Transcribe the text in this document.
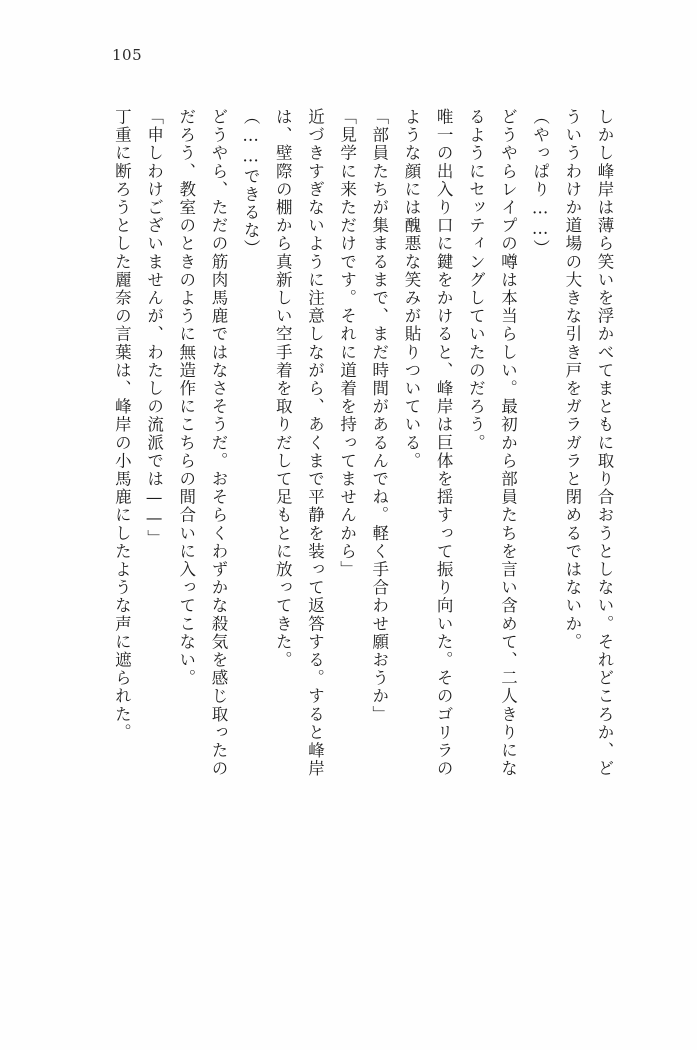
105
しかし峰岸は薄ら笑いを浮かべてまともに取り合おうとしない。それどころか、ど
ういうわけか道場の大きな引き戸をガラガラと閉めるではないか。
（やっぱり……）
どうやらレイプの噂は本当らしい。最初から部員たちを言い含めて、二人きりにな
るようにセッティングしていたのだろう。
唯一の出入り口に鍵をかけると、峰岸は巨体を揺すって振り向いた。そのゴリラの
ような顔には醜悪な笑みが貼りついている。
「部員たちが集まるまで、まだ時間があるんでね。軽く手合わせ願おうか」
「見学に来ただけです。それに道着を持ってませんから」
近づきすぎないように注意しながら、あくまで平静を装って返答する。すると峰岸
は、壁際の棚から真新しい空手着を取りだして足もとに放ってきた。
（……できるな）
どうやら、ただの筋肉馬鹿ではなさそうだ。おそらくわずかな殺気を感じ取ったの
だろう、教室のときのように無造作にこちらの間合いに入ってこない。
「申しわけございませんが、わたしの流派では——」
丁重に断ろうとした麗奈の言葉は、峰岸の小馬鹿にしたような声に遮られた。
